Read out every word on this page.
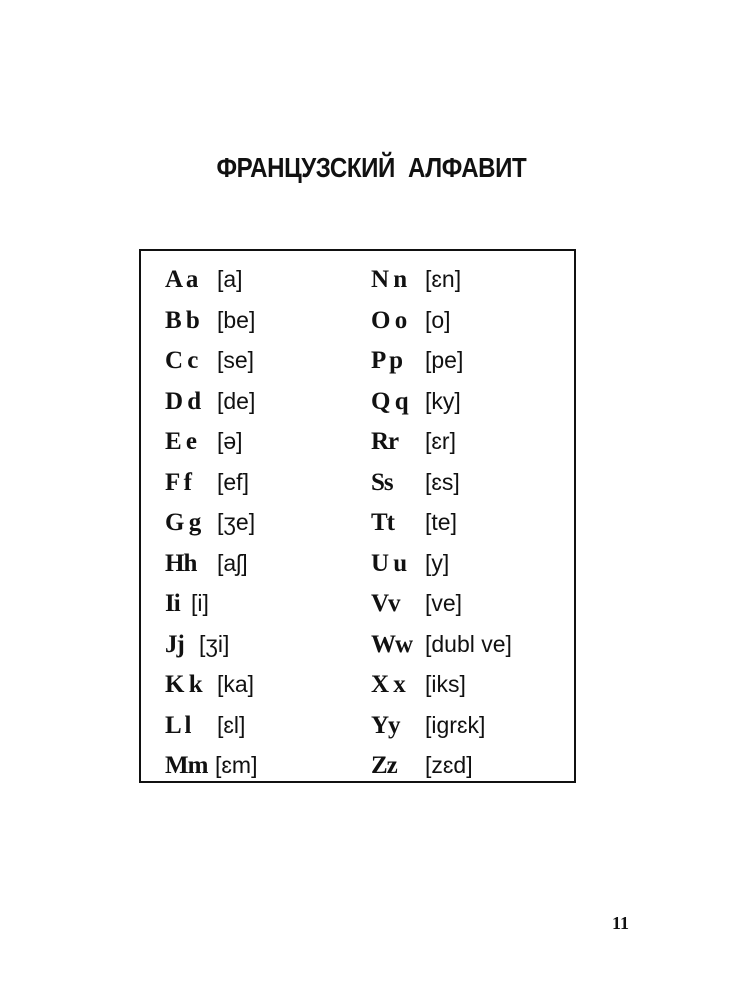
ФРАНЦУЗСКИЙ АЛФАВИТ
A a [a]
B b [be]
C c [se]
D d [de]
E e [ə]
F f [ef]
G g [ʒe]
Hh [aʃ]
Ii [i]
Jj [ʒi]
K k [ka]
L l [ɛl]
Mm [ɛm]
N n [ɛn]
O o [o]
P p [pe]
Q q [ky]
Rr [ɛr]
Ss [ɛs]
Tt [te]
U u [y]
Vv [ve]
Ww [dubl ve]
X x [iks]
Yy [igrɛk]
Zz [zɛd]
11
